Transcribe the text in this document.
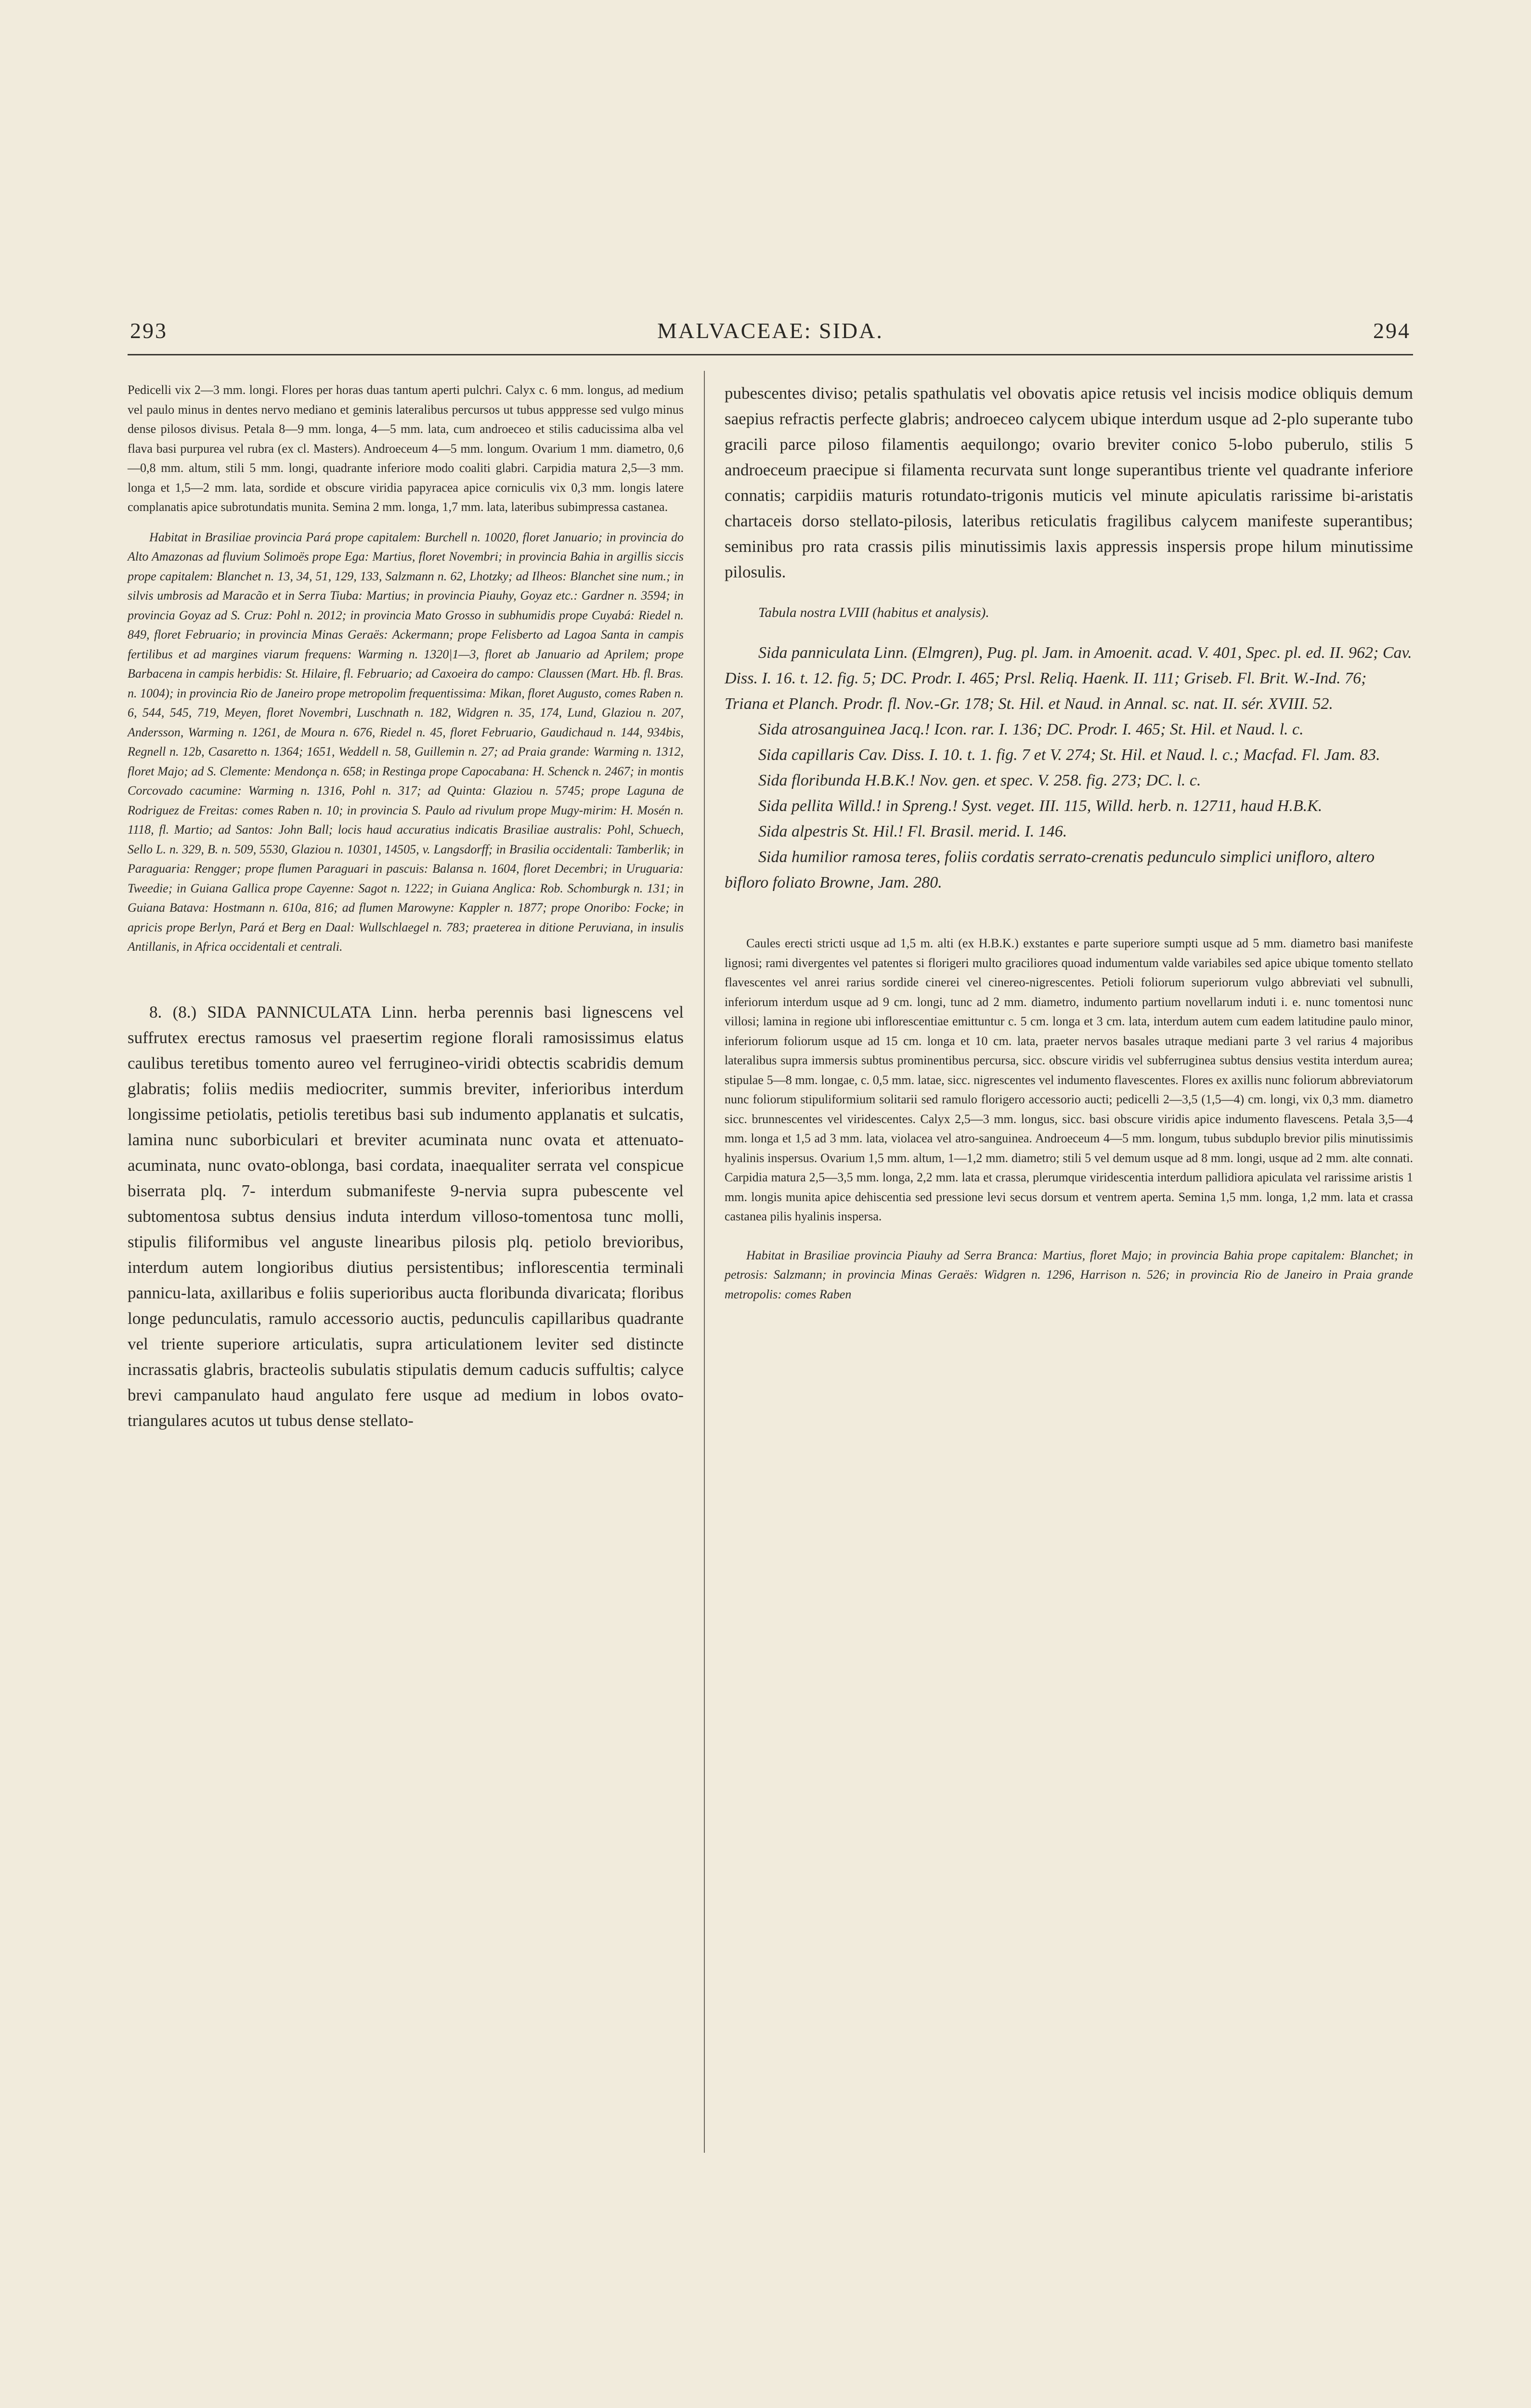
293	MALVACEAE: SIDA.	294

Pedicelli vix 2—3 mm. longi. Flores per horas duas tantum aperti pulchri. Calyx c. 6 mm. longus, ad medium vel paulo minus in dentes nervo mediano et geminis lateralibus percursos ut tubus apppresse sed vulgo minus dense pilosos divisus. Petala 8—9 mm. longa, 4—5 mm. lata, cum androeceo et stilis caducissima alba vel flava basi purpurea vel rubra (ex cl. Masters). Androeceum 4—5 mm. longum. Ovarium 1 mm. diametro, 0,6—0,8 mm. altum, stili 5 mm. longi, quadrante inferiore modo coaliti glabri. Carpidia matura 2,5—3 mm. longa et 1,5—2 mm. lata, sordide et obscure viridia papyracea apice corniculis vix 0,3 mm. longis latere complanatis apice subrotundatis munita. Semina 2 mm. longa, 1,7 mm. lata, lateribus subimpressa castanea.

Habitat in Brasiliae provincia Pará prope capitalem: Burchell n. 10020, floret Januario; in provincia do Alto Amazonas ad fluvium Solimoës prope Ega: Martius, floret Novembri; in provincia Bahia in argillis siccis prope capitalem: Blanchet n. 13, 34, 51, 129, 133, Salzmann n. 62, Lhotzky; ad Ilheos: Blanchet sine num.; in silvis umbrosis ad Maracão et in Serra Tiuba: Martius; in provincia Piauhy, Goyaz etc.: Gardner n. 3594; in provincia Goyaz ad S. Cruz: Pohl n. 2012; in provincia Mato Grosso in subhumidis prope Cuyabá: Riedel n. 849, floret Februario; in provincia Minas Geraës: Ackermann; prope Felisberto ad Lagoa Santa in campis fertilibus et ad margines viarum frequens: Warming n. 1320|1—3, floret ab Januario ad Aprilem; prope Barbacena in campis herbidis: St. Hilaire, fl. Februario; ad Caxoeira do campo: Claussen (Mart. Hb. fl. Bras. n. 1004); in provincia Rio de Janeiro prope metropolim frequentissima: Mikan, floret Augusto, comes Raben n. 6, 544, 545, 719, Meyen, floret Novembri, Luschnath n. 182, Widgren n. 35, 174, Lund, Glaziou n. 207, Andersson, Warming n. 1261, de Moura n. 676, Riedel n. 45, floret Februario, Gaudichaud n. 144, 934bis, Regnell n. 12b, Casaretto n. 1364; 1651, Weddell n. 58, Guillemin n. 27; ad Praia grande: Warming n. 1312, floret Majo; ad S. Clemente: Mendonça n. 658; in Restinga prope Capocabana: H. Schenck n. 2467; in montis Corcovado cacumine: Warming n. 1316, Pohl n. 317; ad Quinta: Glaziou n. 5745; prope Laguna de Rodriguez de Freitas: comes Raben n. 10; in provincia S. Paulo ad rivulum prope Mugy-mirim: H. Mosén n. 1118, fl. Martio; ad Santos: John Ball; locis haud accuratius indicatis Brasiliae australis: Pohl, Schuech, Sello L. n. 329, B. n. 509, 5530, Glaziou n. 10301, 14505, v. Langsdorff; in Brasilia occidentali: Tamberlik; in Paraguaria: Rengger; prope flumen Paraguari in pascuis: Balansa n. 1604, floret Decembri; in Uruguaria: Tweedie; in Guiana Gallica prope Cayenne: Sagot n. 1222; in Guiana Anglica: Rob. Schomburgk n. 131; in Guiana Batava: Hostmann n. 610a, 816; ad flumen Marowyne: Kappler n. 1877; prope Onoribo: Focke; in apricis prope Berlyn, Pará et Berg en Daal: Wullschlaegel n. 783; praeterea in ditione Peruviana, in insulis Antillanis, in Africa occidentali et centrali.

8. (8.) SIDA PANNICULATA Linn. herba perennis basi lignescens vel suffrutex erectus ramosus vel praesertim regione florali ramosissimus elatus caulibus teretibus tomento aureo vel ferrugineo-viridi obtectis scabridis demum glabratis; foliis mediis mediocriter, summis breviter, inferioribus interdum longissime petiolatis, petiolis teretibus basi sub indumento applanatis et sulcatis, lamina nunc suborbiculari et breviter acuminata nunc ovata et attenuato-acuminata, nunc ovato-oblonga, basi cordata, inaequaliter serrata vel conspicue biserrata plq. 7- interdum submanifeste 9-nervia supra pubescente vel subtomentosa subtus densius induta interdum villoso-tomentosa tunc molli, stipulis filiformibus vel anguste linearibus pilosis plq. petiolo brevioribus, interdum autem longioribus diutius persistentibus; inflorescentia terminali pannicu-lata, axillaribus e foliis superioribus aucta floribunda divaricata; floribus longe pedunculatis, ramulo accessorio auctis, pedunculis capillaribus quadrante vel triente superiore articulatis, supra articulationem leviter sed distincte incrassatis glabris, bracteolis subulatis stipulatis demum caducis suffultis; calyce brevi campanulato haud angulato fere usque ad medium in lobos ovato-triangulares acutos ut tubus dense stellato-

pubescentes diviso; petalis spathulatis vel obovatis apice retusis vel incisis modice obliquis demum saepius refractis perfecte glabris; androeceo calycem ubique interdum usque ad 2-plo superante tubo gracili parce piloso filamentis aequilongo; ovario breviter conico 5-lobo puberulo, stilis 5 androeceum praecipue si filamenta recurvata sunt longe superantibus triente vel quadrante inferiore connatis; carpidiis maturis rotundato-trigonis muticis vel minute apiculatis rarissime bi-aristatis chartaceis dorso stellato-pilosis, lateribus reticulatis fragilibus calycem manifeste superantibus; seminibus pro rata crassis pilis minutissimis laxis appressis inspersis prope hilum minutissime pilosulis.

Tabula nostra LVIII (habitus et analysis).

Sida panniculata Linn. (Elmgren), Pug. pl. Jam. in Amoenit. acad. V. 401, Spec. pl. ed. II. 962; Cav. Diss. I. 16. t. 12. fig. 5; DC. Prodr. I. 465; Prsl. Reliq. Haenk. II. 111; Griseb. Fl. Brit. W.-Ind. 76; Triana et Planch. Prodr. fl. Nov.-Gr. 178; St. Hil. et Naud. in Annal. sc. nat. II. sér. XVIII. 52.

Sida atrosanguinea Jacq.! Icon. rar. I. 136; DC. Prodr. I. 465; St. Hil. et Naud. l. c.

Sida capillaris Cav. Diss. I. 10. t. 1. fig. 7 et V. 274; St. Hil. et Naud. l. c.; Macfad. Fl. Jam. 83.

Sida floribunda H.B.K.! Nov. gen. et spec. V. 258. fig. 273; DC. l. c.

Sida pellita Willd.! in Spreng.! Syst. veget. III. 115, Willd. herb. n. 12711, haud H.B.K.

Sida alpestris St. Hil.! Fl. Brasil. merid. I. 146.

Sida humilior ramosa teres, foliis cordatis serrato-crenatis pedunculo simplici unifloro, altero bifloro foliato Browne, Jam. 280.

Caules erecti stricti usque ad 1,5 m. alti (ex H.B.K.) exstantes e parte superiore sumpti usque ad 5 mm. diametro basi manifeste lignosi; rami divergentes vel patentes si florigeri multo graciliores quoad indumentum valde variabiles sed apice ubique tomento stellato flavescentes vel anrei rarius sordide cinerei vel cinereo-nigrescentes. Petioli foliorum superiorum vulgo abbreviati vel subnulli, inferiorum interdum usque ad 9 cm. longi, tunc ad 2 mm. diametro, indumento partium novellarum induti i. e. nunc tomentosi nunc villosi; lamina in regione ubi inflorescentiae emittuntur c. 5 cm. longa et 3 cm. lata, interdum autem cum eadem latitudine paulo minor, inferiorum foliorum usque ad 15 cm. longa et 10 cm. lata, praeter nervos basales utraque mediani parte 3 vel rarius 4 majoribus lateralibus supra immersis subtus prominentibus percursa, sicc. obscure viridis vel subferruginea subtus densius vestita interdum aurea; stipulae 5—8 mm. longae, c. 0,5 mm. latae, sicc. nigrescentes vel indumento flavescentes. Flores ex axillis nunc foliorum abbreviatorum nunc foliorum stipuliformium solitarii sed ramulo florigero accessorio aucti; pedicelli 2—3,5 (1,5—4) cm. longi, vix 0,3 mm. diametro sicc. brunnescentes vel viridescentes. Calyx 2,5—3 mm. longus, sicc. basi obscure viridis apice indumento flavescens. Petala 3,5—4 mm. longa et 1,5 ad 3 mm. lata, violacea vel atro-sanguinea. Androeceum 4—5 mm. longum, tubus subduplo brevior pilis minutissimis hyalinis inspersus. Ovarium 1,5 mm. altum, 1—1,2 mm. diametro; stili 5 vel demum usque ad 8 mm. longi, usque ad 2 mm. alte connati. Carpidia matura 2,5—3,5 mm. longa, 2,2 mm. lata et crassa, plerumque viridescentia interdum pallidiora apiculata vel rarissime aristis 1 mm. longis munita apice dehiscentia sed pressione levi secus dorsum et ventrem aperta. Semina 1,5 mm. longa, 1,2 mm. lata et crassa castanea pilis hyalinis inspersa.

Habitat in Brasiliae provincia Piauhy ad Serra Branca: Martius, floret Majo; in provincia Bahia prope capitalem: Blanchet; in petrosis: Salzmann; in provincia Minas Geraës: Widgren n. 1296, Harrison n. 526; in provincia Rio de Janeiro in Praia grande metropolis: comes Raben
